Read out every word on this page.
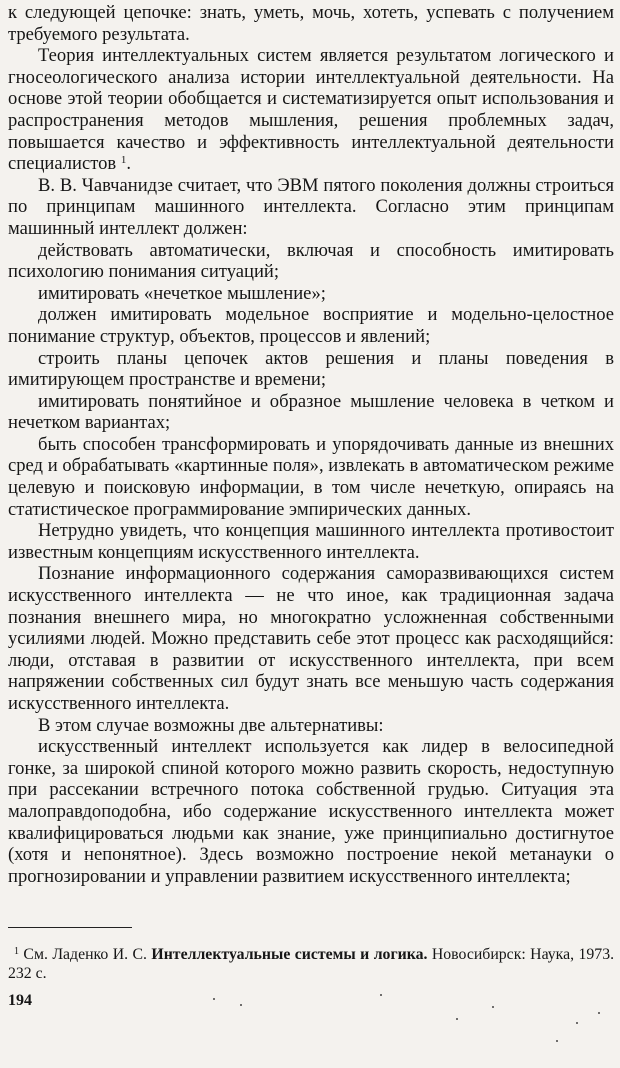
к следующей цепочке: знать, уметь, мочь, хотеть, успевать с получением требуемого результата.

Теория интеллектуальных систем является результатом логического и гносеологического анализа истории интеллектуальной деятельности. На основе этой теории обобщается и систематизируется опыт использования и распространения методов мышления, решения проблемных задач, повышается качество и эффективность интеллектуальной деятельности специалистов $^1$.

В. В. Чавчанидзе считает, что ЭВМ пятого поколения должны строиться по принципам машинного интеллекта. Согласно этим принципам машинный интеллект должен:

действовать автоматически, включая и способность имитировать психологию понимания ситуаций;

имитировать «нечеткое мышление»;

должен имитировать модельное восприятие и модельно-целостное понимание структур, объектов, процессов и явлений;

строить планы цепочек актов решения и планы поведения в имитирующем пространстве и времени;

имитировать понятийное и образное мышление человека в четком и нечетком вариантах;

быть способен трансформировать и упорядочивать данные из внешних сред и обрабатывать «картинные поля», извлекать в автоматическом режиме целевую и поисковую информации, в том числе нечеткую, опираясь на статистическое программирование эмпирических данных.

Нетрудно увидеть, что концепция машинного интеллекта противостоит известным концепциям искусственного интеллекта.

Познание информационного содержания саморазвивающихся систем искусственного интеллекта — не что иное, как традиционная задача познания внешнего мира, но многократно усложненная собственными усилиями людей. Можно представить себе этот процесс как расходящийся: люди, отставая в развитии от искусственного интеллекта, при всем напряжении собственных сил будут знать все меньшую часть содержания искусственного интеллекта.

В этом случае возможны две альтернативы:

искусственный интеллект используется как лидер в велосипедной гонке, за широкой спиной которого можно развить скорость, недоступную при рассекании встречного потока собственной грудью. Ситуация эта малоправдоподобна, ибо содержание искусственного интеллекта может квалифицироваться людьми как знание, уже принципиально достигнутое (хотя и непонятное). Здесь возможно построение некой метанауки о прогнозировании и управлении развитием искусственного интеллекта;

$^1$ См. Ладенко И. С. Интеллектуальные системы и логика. Новосибирск: Наука, 1973. 232 с.
194
